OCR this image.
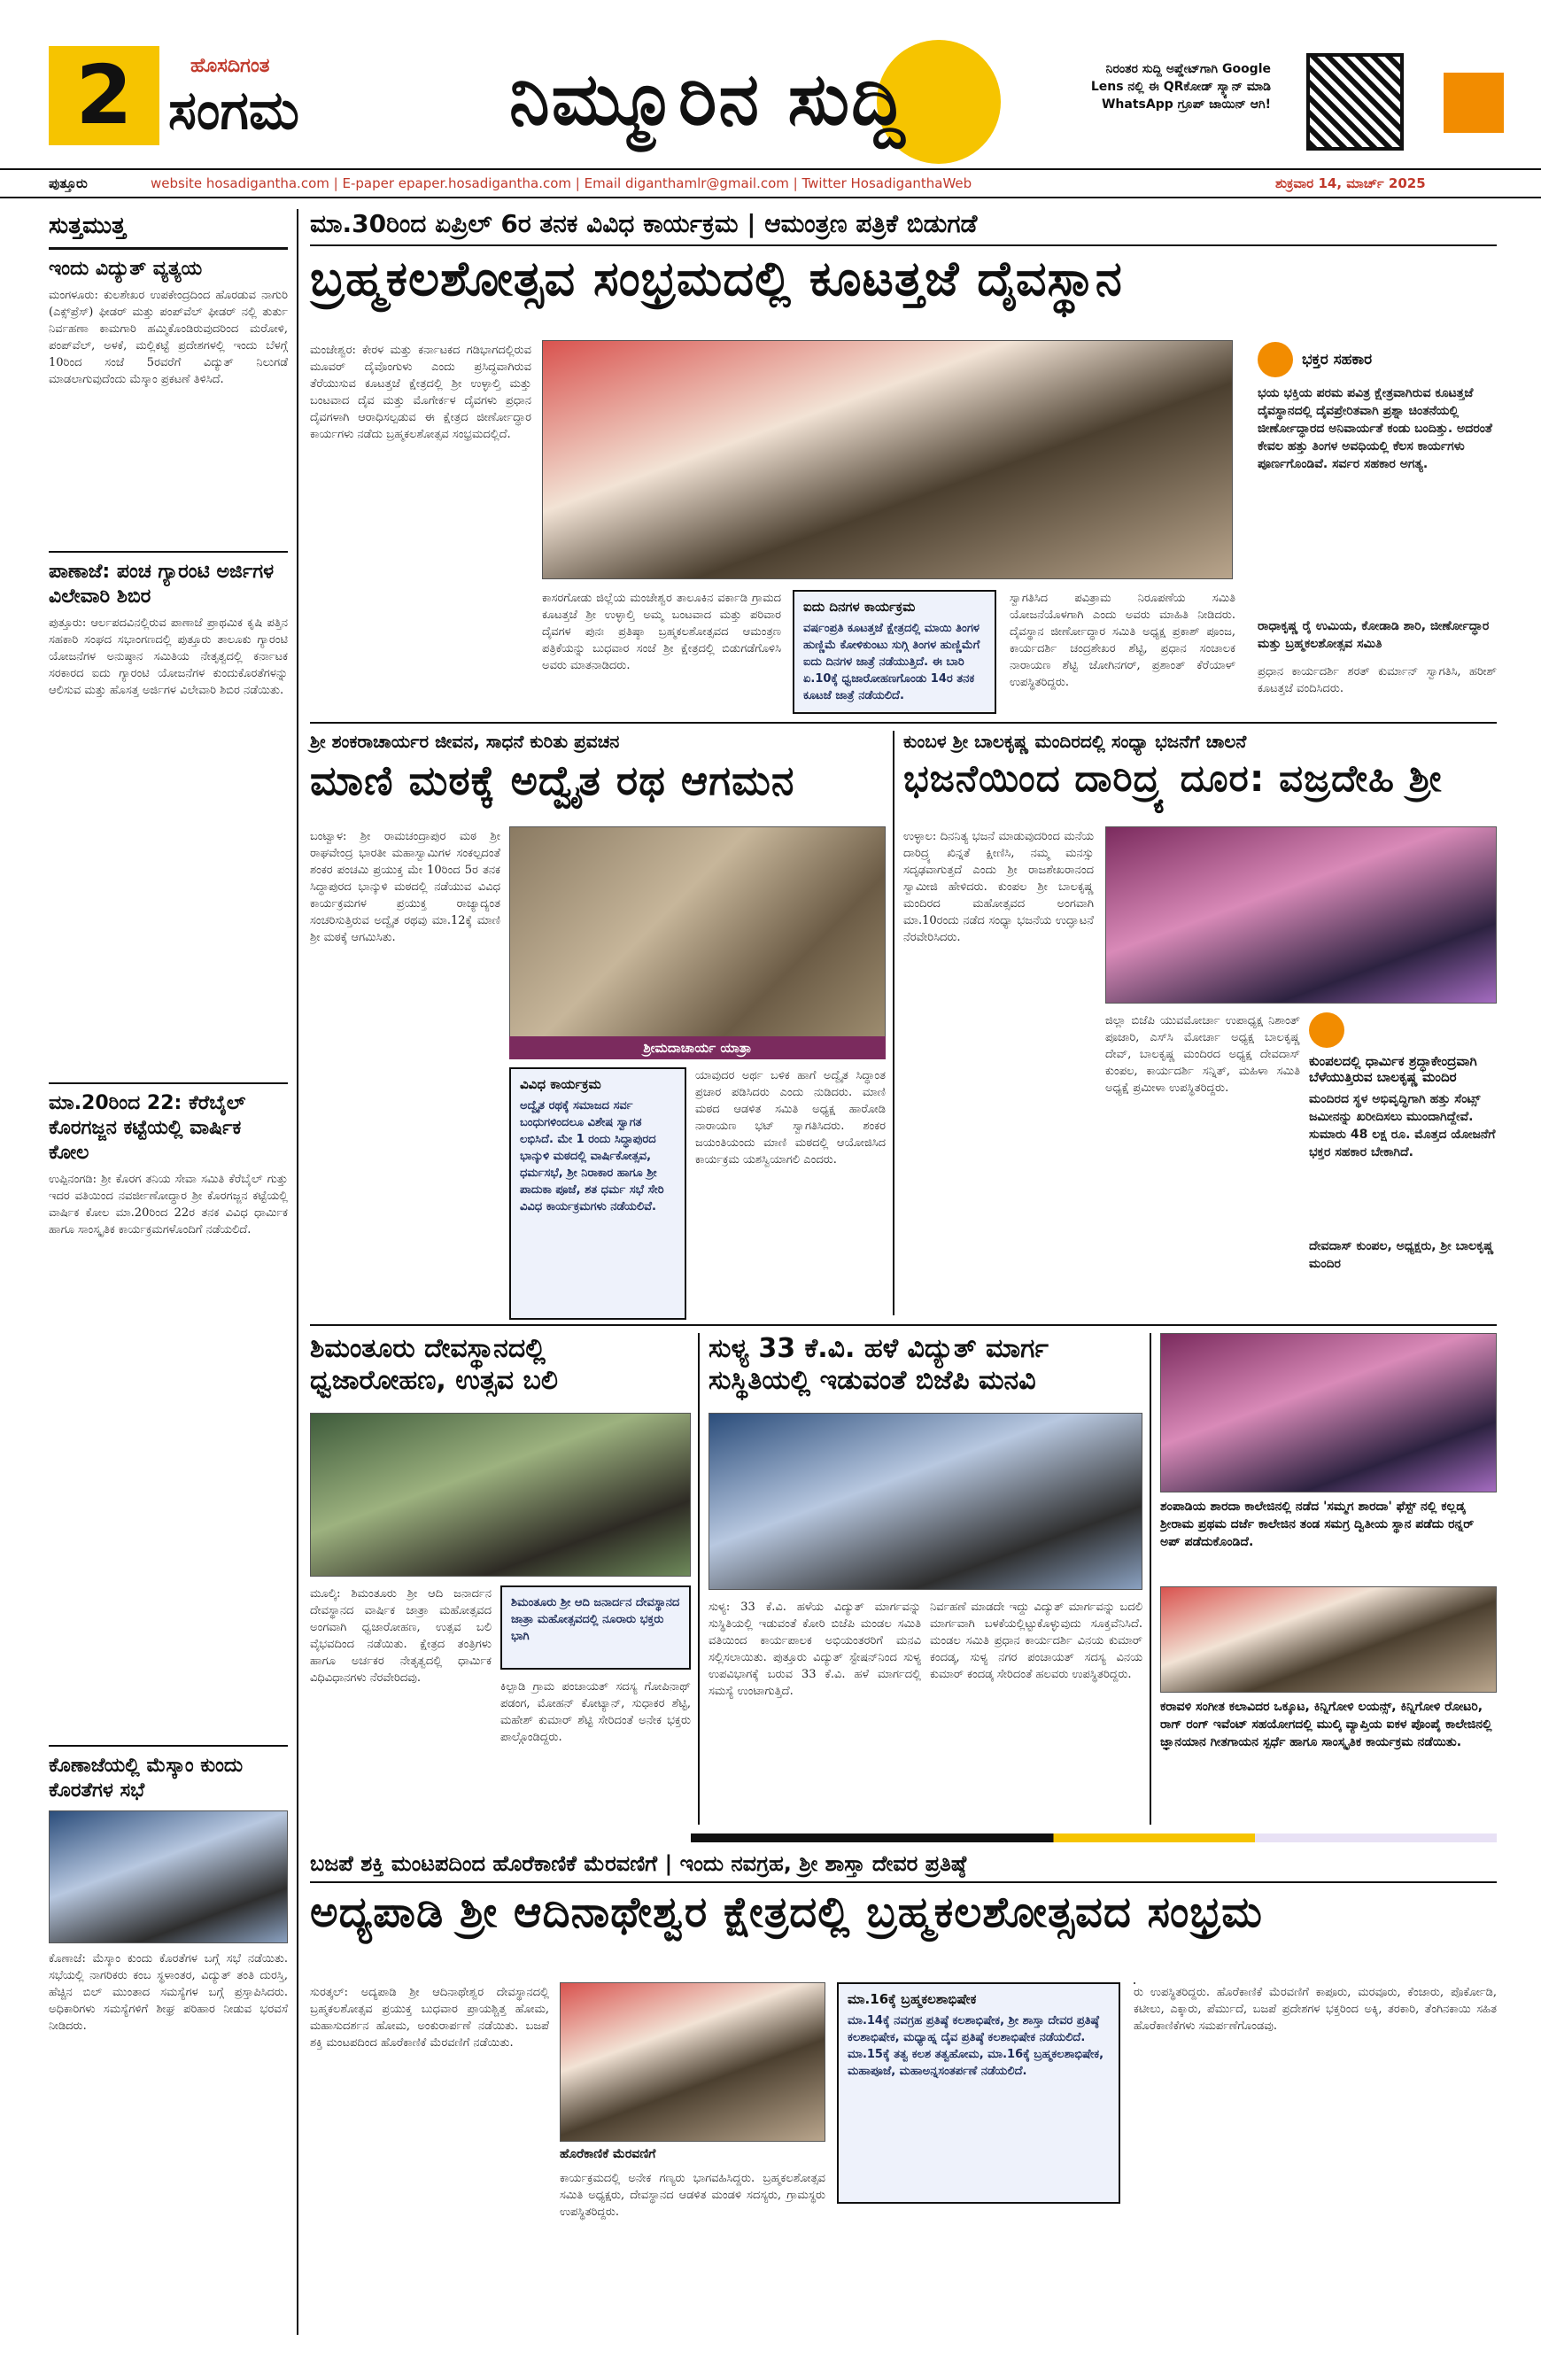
2	ಹೊಸದಿಗಂತ
ಸಂಗಮ	ನಿಮ್ಮೂರಿನ ಸುದ್ದಿ	ನಿರಂತರ ಸುದ್ದಿ ಅಪ್ಡೇಟ್‌ಗಾಗಿ Google Lens ನಲ್ಲಿ ಈ QRಕೋಡ್ ಸ್ಕ್ಯಾನ್ ಮಾಡಿ WhatsApp ಗ್ರೂಪ್ ಜಾಯಿನ್ ಆಗಿ!
ಪುತ್ತೂರು	website hosadigantha.com | E-paper epaper.hosadigantha.com | Email diganthamlr@gmail.com | Twitter HosadiganthaWeb	ಶುಕ್ರವಾರ 14, ಮಾರ್ಚ್ 2025
ಸುತ್ತಮುತ್ತ
ಇಂದು ವಿದ್ಯುತ್ ವ್ಯತ್ಯಯ
ಮಂಗಳೂರು: ಕುಲಶೇಖರ ಉಪಕೇಂದ್ರದಿಂದ ಹೊರಡುವ ನಾಗುರಿ (ಎಕ್ಸ್‌ಪ್ರೆಸ್) ಫೀಡರ್ ಮತ್ತು ಪಂಪ್‌ವೆಲ್ ಫೀಡರ್ ನಲ್ಲಿ ತುರ್ತು ನಿರ್ವಹಣಾ ಕಾಮಗಾರಿ ಹಮ್ಮಿಕೊಂಡಿರುವುದರಿಂದ ಮರೋಳಿ, ಪಂಪ್‌ವೆಲ್, ಅಳಕೆ, ಮಲ್ಲಿಕಟ್ಟೆ ಪ್ರದೇಶಗಳಲ್ಲಿ ಇಂದು ಬೆಳಗ್ಗೆ 10ರಿಂದ ಸಂಜೆ 5ರವರೆಗೆ ವಿದ್ಯುತ್ ನಿಲುಗಡೆ ಮಾಡಲಾಗುವುದೆಂದು ಮೆಸ್ಕಾಂ ಪ್ರಕಟಣೆ ತಿಳಿಸಿದೆ.
ಪಾಣಾಜೆ: ಪಂಚ ಗ್ಯಾರಂಟಿ ಅರ್ಜಿಗಳ ವಿಲೇವಾರಿ ಶಿಬಿರ
ಪುತ್ತೂರು: ಆರ್ಲಪದವಿನಲ್ಲಿರುವ ಪಾಣಾಜೆ ಪ್ರಾಥಮಿಕ ಕೃಷಿ ಪತ್ತಿನ ಸಹಕಾರಿ ಸಂಘದ ಸಭಾಂಗಣದಲ್ಲಿ ಪುತ್ತೂರು ತಾಲೂಕು ಗ್ಯಾರಂಟಿ ಯೋಜನೆಗಳ ಅನುಷ್ಠಾನ ಸಮಿತಿಯ ನೇತೃತ್ವದಲ್ಲಿ ಕರ್ನಾಟಕ ಸರಕಾರದ ಐದು ಗ್ಯಾರಂಟಿ ಯೋಜನೆಗಳ ಕುಂದುಕೊರತೆಗಳನ್ನು ಆಲಿಸುವ ಮತ್ತು ಹೊಸತ್ತ ಅರ್ಜಿಗಳ ವಿಲೇವಾರಿ ಶಿಬಿರ ನಡೆಯಿತು.
ಮಾ.20ರಿಂದ 22: ಕೆರೆಬೈಲ್ ಕೊರಗಜ್ಜನ ಕಟ್ಟೆಯಲ್ಲಿ ವಾರ್ಷಿಕ ಕೋಲ
ಉಪ್ಪಿನಂಗಡಿ: ಶ್ರೀ ಕೊರಗ ತನಿಯ ಸೇವಾ ಸಮಿತಿ ಕೆರೆಬೈಲ್ ಗುತ್ತು ಇದರ ವತಿಯಿಂದ ನವರ್ಜೀಣೋದ್ಧಾರ ಶ್ರೀ ಕೊರಗಜ್ಜನ ಕಟ್ಟೆಯಲ್ಲಿ ವಾರ್ಷಿಕ ಕೋಲ ಮಾ.20ರಿಂದ 22ರ ತನಕ ವಿವಿಧ ಧಾರ್ಮಿಕ ಹಾಗೂ ಸಾಂಸ್ಕೃತಿಕ ಕಾರ್ಯಕ್ರಮಗಳೊಂದಿಗೆ ನಡೆಯಲಿದೆ.
ಕೊಣಾಜೆಯಲ್ಲಿ ಮೆಸ್ಕಾಂ ಕುಂದು ಕೊರತೆಗಳ ಸಭೆ
ಕೊಣಾಜೆ: ಮೆಸ್ಕಾಂ ಕುಂದು ಕೊರತೆಗಳ ಬಗ್ಗೆ ಸಭೆ ನಡೆಯಿತು. ಸಭೆಯಲ್ಲಿ ನಾಗರಿಕರು ಕಂಬ ಸ್ಥಳಾಂತರ, ವಿದ್ಯುತ್ ತಂತಿ ದುರಸ್ತಿ, ಹೆಚ್ಚಿನ ಬಿಲ್ ಮುಂತಾದ ಸಮಸ್ಯೆಗಳ ಬಗ್ಗೆ ಪ್ರಸ್ತಾಪಿಸಿದರು. ಅಧಿಕಾರಿಗಳು ಸಮಸ್ಯೆಗಳಿಗೆ ಶೀಘ್ರ ಪರಿಹಾರ ನೀಡುವ ಭರವಸೆ ನೀಡಿದರು.
ಮಾ.30ರಿಂದ ಏಪ್ರಿಲ್ 6ರ ತನಕ ವಿವಿಧ ಕಾರ್ಯಕ್ರಮ | ಆಮಂತ್ರಣ ಪತ್ರಿಕೆ ಬಿಡುಗಡೆ
ಬ್ರಹ್ಮಕಲಶೋತ್ಸವ ಸಂಭ್ರಮದಲ್ಲಿ ಕೂಟತ್ತಜೆ ದೈವಸ್ಥಾನ
ಮಂಜೇಶ್ವರ: ಕೇರಳ ಮತ್ತು ಕರ್ನಾಟಕದ ಗಡಿಭಾಗದಲ್ಲಿರುವ ಮೂವರ್ ದೈವೊಂಗುಳು ಎಂದು ಪ್ರಸಿದ್ಧವಾಗಿರುವ ತೆರೆಯುಸುವ ಕೂಟತ್ತಜೆ ಕ್ಷೇತ್ರದಲ್ಲಿ ಶ್ರೀ ಉಳ್ಳಾಲ್ತಿ ಮತ್ತು ಬಂಟವಾದ ದೈವ ಮತ್ತು ಮೊಗೇರ್ಕಳ ದೈವಗಳು ಪ್ರಧಾನ ದೈವಗಳಾಗಿ ಆರಾಧಿಸಲ್ಪಡುವ ಈ ಕ್ಷೇತ್ರದ ಜೀರ್ಣೋದ್ಧಾರ ಕಾರ್ಯಗಳು ನಡೆದು ಬ್ರಹ್ಮಕಲಶೋತ್ಸವ ಸಂಭ್ರಮದಲ್ಲಿದೆ.
ಭಕ್ತರ ಸಹಕಾರ
ಭಯ ಭಕ್ತಿಯ ಪರಮ ಪವಿತ್ರ ಕ್ಷೇತ್ರವಾಗಿರುವ ಕೂಟತ್ತಜೆ ದೈವಸ್ಥಾನದಲ್ಲಿ ದೈವಪ್ರೇರಿತವಾಗಿ ಪ್ರಶ್ನಾ ಚಿಂತನೆಯಲ್ಲಿ ಜೀರ್ಣೋದ್ಧಾರದ ಅನಿವಾರ್ಯತೆ ಕಂಡು ಬಂದಿತ್ತು. ಅದರಂತೆ ಕೇವಲ ಹತ್ತು ತಿಂಗಳ ಅವಧಿಯಲ್ಲಿ ಕೆಲಸ ಕಾರ್ಯಗಳು ಪೂರ್ಣಗೊಂಡಿವೆ. ಸರ್ವರ ಸಹಕಾರ ಅಗತ್ಯ.
ರಾಧಾಕೃಷ್ಣ ರೈ ಉಮಿಯ, ಕೋಡಾಡಿ ಶಾರಿ, ಜೀರ್ಣೋದ್ಧಾರ ಮತ್ತು ಬ್ರಹ್ಮಕಲಶೋತ್ಸವ ಸಮಿತಿ
ಪ್ರಧಾನ ಕಾರ್ಯದರ್ಶಿ ಶರತ್ ಕುರ್ಮಾನ್ ಸ್ವಾಗತಿಸಿ, ಹರೀಶ್ ಕೂಟತ್ತಜೆ ವಂದಿಸಿದರು.
ಕಾಸರಗೋಡು ಜಿಲ್ಲೆಯ ಮಂಜೇಶ್ವರ ತಾಲೂಕಿನ ವರ್ಕಾಡಿ ಗ್ರಾಮದ ಕೂಟತ್ತಜೆ ಶ್ರೀ ಉಳ್ಳಾಲ್ತಿ ಅಮ್ಮ ಬಂಟವಾದ ಮತ್ತು ಪರಿವಾರ ದೈವಗಳ ಪುನಃ ಪ್ರತಿಷ್ಠಾ ಬ್ರಹ್ಮಕಲಶೋತ್ಸವದ ಆಮಂತ್ರಣ ಪತ್ರಿಕೆಯನ್ನು ಬುಧವಾರ ಸಂಜೆ ಶ್ರೀ ಕ್ಷೇತ್ರದಲ್ಲಿ ಬಿಡುಗಡೆಗೊಳಿಸಿ ಅವರು ಮಾತನಾಡಿದರು.
ಐದು ದಿನಗಳ ಕಾರ್ಯಕ್ರಮ

ವರ್ಷಂಪ್ರತಿ ಕೂಟತ್ತಜೆ ಕ್ಷೇತ್ರದಲ್ಲಿ ಮಾಯಿ ತಿಂಗಳ ಹುಣ್ಣಿಮೆ ಕೋಳಿಕುಂಟು ಸುಗ್ಗಿ ತಿಂಗಳ ಹುಣ್ಣಿಮೆಗೆ ಐದು ದಿನಗಳ ಜಾತ್ರೆ ನಡೆಯುತ್ತಿದೆ. ಈ ಬಾರಿ ಏ.10ಕ್ಕೆ ಧ್ವಜಾರೋಹಣಗೊಂಡು 14ರ ತನಕ ಕೂಟಜೆ ಜಾತ್ರೆ ನಡೆಯಲಿದೆ.

ಸ್ವಾಗತಿಸಿದ ಪವಿತ್ರಾಮ ನಿರೂಪಣೆಯ ಸಮಿತಿ ಯೋಜನೆಯೊಳಗಾಗಿ ಎಂದು ಅವರು ಮಾಹಿತಿ ನೀಡಿದರು. ದೈವಸ್ಥಾನ ಜೀರ್ಣೋದ್ಧಾರ ಸಮಿತಿ ಅಧ್ಯಕ್ಷ ಪ್ರಕಾಶ್ ಪೂಂಜ, ಕಾರ್ಯದರ್ಶಿ ಚಂದ್ರಶೇಖರ ಶೆಟ್ಟಿ, ಪ್ರಧಾನ ಸಂಚಾಲಕ ನಾರಾಯಣ ಶೆಟ್ಟಿ ಜೋಗಿನಗರ್, ಪ್ರಶಾಂತ್ ಕೆರೆಯಾಳ್ ಉಪಸ್ಥಿತರಿದ್ದರು.
ಶ್ರೀ ಶಂಕರಾಚಾರ್ಯರ ಜೀವನ, ಸಾಧನೆ ಕುರಿತು ಪ್ರವಚನ
ಮಾಣಿ ಮಠಕ್ಕೆ ಅದ್ವೈತ ರಥ ಆಗಮನ
ಬಂಟ್ವಾಳ: ಶ್ರೀ ರಾಮಚಂದ್ರಾಪುರ ಮಠ ಶ್ರೀ ರಾಘವೇಂದ್ರ ಭಾರತೀ ಮಹಾಸ್ವಾಮಿಗಳ ಸಂಕಲ್ಪದಂತೆ ಶಂಕರ ಪಂಚಮಿ ಪ್ರಯುಕ್ತ ಮೇ 10ರಿಂದ 5ರ ತನಕ ಸಿದ್ಧಾಪುರದ ಭಾನ್ಕುಳಿ ಮಠದಲ್ಲಿ ನಡೆಯುವ ವಿವಿಧ ಕಾರ್ಯಕ್ರಮಗಳ ಪ್ರಯುಕ್ತ ರಾಜ್ಯಾದ್ಯಂತ ಸಂಚರಿಸುತ್ತಿರುವ ಅದ್ವೈತ ರಥವು ಮಾ.12ಕ್ಕೆ ಮಾಣಿ ಶ್ರೀ ಮಠಕ್ಕೆ ಆಗಮಿಸಿತು.
ಶ್ರೀಮದಾಚಾರ್ಯ ಯಾತ್ರಾ
ವಿವಿಧ ಕಾರ್ಯಕ್ರಮ

ಅದ್ವೈತ ರಥಕ್ಕೆ ಸಮಾಜದ ಸರ್ವ ಬಂಧುಗಳಿಂದಲೂ ವಿಶೇಷ ಸ್ವಾಗತ ಲಭಿಸಿದೆ. ಮೇ 1 ರಂದು ಸಿದ್ಧಾಪುರದ ಭಾನ್ಕುಳಿ ಮಠದಲ್ಲಿ ವಾರ್ಷಿಕೋತ್ಸವ, ಧರ್ಮಸಭೆ, ಶ್ರೀ ನಿರಾಕಾರ ಹಾಗೂ ಶ್ರೀ ಪಾದುಕಾ ಪೂಜೆ, ಶತ ಧರ್ಮ ಸಭೆ ಸೇರಿ ವಿವಿಧ ಕಾರ್ಯಕ್ರಮಗಳು ನಡೆಯಲಿವೆ.

ಯಾವುದರ ಅರ್ಥ ಬಳಿಕ ಹಾಗೆ ಅದ್ವೈತ ಸಿದ್ಧಾಂತ ಪ್ರಚಾರ ಪಡಿಸಿದರು ಎಂದು ನುಡಿದರು. ಮಾಣಿ ಮಠದ ಆಡಳಿತ ಸಮಿತಿ ಅಧ್ಯಕ್ಷ ಹಾರೋಡಿ ನಾರಾಯಣ ಭಟ್ ಸ್ವಾಗತಿಸಿದರು. ಶಂಕರ ಜಯಂತಿಯಂದು ಮಾಣಿ ಮಠದಲ್ಲಿ ಆಯೋಜಿಸಿದ ಕಾರ್ಯಕ್ರಮ ಯಶಸ್ವಿಯಾಗಲಿ ಎಂದರು.
ಕುಂಬಳ ಶ್ರೀ ಬಾಲಕೃಷ್ಣ ಮಂದಿರದಲ್ಲಿ ಸಂಧ್ಯಾ ಭಜನೆಗೆ ಚಾಲನೆ
ಭಜನೆಯಿಂದ ದಾರಿದ್ರ್ಯ ದೂರ: ವಜ್ರದೇಹಿ ಶ್ರೀ
ಉಳ್ಳಾಲ: ದಿನನಿತ್ಯ ಭಜನೆ ಮಾಡುವುದರಿಂದ ಮನೆಯ ದಾರಿದ್ರ್ಯ ಖಿನ್ನತೆ ಕ್ಷೀಣಿಸಿ, ನಮ್ಮ ಮನಸ್ಸು ಸದೃಢವಾಗುತ್ತದೆ ಎಂದು ಶ್ರೀ ರಾಜಶೇಖರಾನಂದ ಸ್ವಾಮೀಜಿ ಹೇಳಿದರು. ಕುಂಪಲ ಶ್ರೀ ಬಾಲಕೃಷ್ಣ ಮಂದಿರದ ಮಹೋತ್ಸವದ ಅಂಗವಾಗಿ ಮಾ.10ರಂದು ನಡೆದ ಸಂಧ್ಯಾ ಭಜನೆಯ ಉದ್ಘಾಟನೆ ನೆರವೇರಿಸಿದರು.
ಜಿಲ್ಲಾ ಬಿಜೆಪಿ ಯುವಮೋರ್ಚಾ ಉಪಾಧ್ಯಕ್ಷ ನಿಶಾಂತ್ ಪೂಜಾರಿ, ಎಸ್‌ಸಿ ಮೋರ್ಚಾ ಅಧ್ಯಕ್ಷ ಬಾಲಕೃಷ್ಣ ದೇವ್, ಬಾಲಕೃಷ್ಣ ಮಂದಿರದ ಅಧ್ಯಕ್ಷ ದೇವದಾಸ್ ಕುಂಪಲ, ಕಾರ್ಯದರ್ಶಿ ಸನ್ನಿತ್, ಮಹಿಳಾ ಸಮಿತಿ ಅಧ್ಯಕ್ಷೆ ಪ್ರಮೀಳಾ ಉಪಸ್ಥಿತರಿದ್ದರು.
ಕುಂಪಲದಲ್ಲಿ ಧಾರ್ಮಿಕ ಶ್ರದ್ಧಾಕೇಂದ್ರವಾಗಿ ಬೆಳೆಯುತ್ತಿರುವ ಬಾಲಕೃಷ್ಣ ಮಂದಿರ
ಮಂದಿರದ ಸ್ಥಳ ಅಭಿವೃದ್ಧಿಗಾಗಿ ಹತ್ತು ಸೆಂಟ್ಸ್ ಜಮೀನನ್ನು ಖರೀದಿಸಲು ಮುಂದಾಗಿದ್ದೇವೆ. ಸುಮಾರು 48 ಲಕ್ಷ ರೂ. ಮೊತ್ತದ ಯೋಜನೆಗೆ ಭಕ್ತರ ಸಹಕಾರ ಬೇಕಾಗಿದೆ.
ದೇವದಾಸ್ ಕುಂಪಲ, ಅಧ್ಯಕ್ಷರು, ಶ್ರೀ ಬಾಲಕೃಷ್ಣ ಮಂದಿರ
ಶಿಮಂತೂರು ದೇವಸ್ಥಾನದಲ್ಲಿ ಧ್ವಜಾರೋಹಣ, ಉತ್ಸವ ಬಲಿ
ಮೂಲ್ಕಿ: ಶಿಮಂತೂರು ಶ್ರೀ ಆದಿ ಜನಾರ್ದನ ದೇವಸ್ಥಾನದ ವಾರ್ಷಿಕ ಜಾತ್ರಾ ಮಹೋತ್ಸವದ ಅಂಗವಾಗಿ ಧ್ವಜಾರೋಹಣ, ಉತ್ಸವ ಬಲಿ ವೈಭವದಿಂದ ನಡೆಯಿತು. ಕ್ಷೇತ್ರದ ತಂತ್ರಿಗಳು ಹಾಗೂ ಅರ್ಚಕರ ನೇತೃತ್ವದಲ್ಲಿ ಧಾರ್ಮಿಕ ವಿಧಿವಿಧಾನಗಳು ನೆರವೇರಿದವು.

ಶಿಮಂತೂರು ಶ್ರೀ ಆದಿ ಜನಾರ್ದನ ದೇವಸ್ಥಾನದ ಜಾತ್ರಾ ಮಹೋತ್ಸವದಲ್ಲಿ ನೂರಾರು ಭಕ್ತರು ಭಾಗಿ

ಕಿಲ್ಪಾಡಿ ಗ್ರಾಮ ಪಂಚಾಯತ್ ಸದಸ್ಯ ಗೋಪಿನಾಥ್ ಪಡಂಗ, ಮೋಹನ್ ಕೋಟ್ಯಾನ್, ಸುಧಾಕರ ಶೆಟ್ಟಿ, ಮಹೇಶ್ ಕುಮಾರ್ ಶೆಟ್ಟಿ ಸೇರಿದಂತೆ ಅನೇಕ ಭಕ್ತರು ಪಾಲ್ಗೊಂಡಿದ್ದರು.
ಸುಳ್ಯ 33 ಕೆ.ವಿ. ಹಳೆ ವಿದ್ಯುತ್ ಮಾರ್ಗ ಸುಸ್ಥಿತಿಯಲ್ಲಿ ಇಡುವಂತೆ ಬಿಜೆಪಿ ಮನವಿ
ಸುಳ್ಯ: 33 ಕೆ.ವಿ. ಹಳೆಯ ವಿದ್ಯುತ್ ಮಾರ್ಗವನ್ನು ಸುಸ್ಥಿತಿಯಲ್ಲಿ ಇಡುವಂತೆ ಕೋರಿ ಬಿಜೆಪಿ ಮಂಡಲ ಸಮಿತಿ ವತಿಯಿಂದ ಕಾರ್ಯಪಾಲಕ ಅಭಿಯಂತರರಿಗೆ ಮನವಿ ಸಲ್ಲಿಸಲಾಯಿತು. ಪುತ್ತೂರು ವಿದ್ಯುತ್ ಸ್ಟೇಷನ್‌ನಿಂದ ಸುಳ್ಯ ಉಪವಿಭಾಗಕ್ಕೆ ಬರುವ 33 ಕೆ.ವಿ. ಹಳೆ ಮಾರ್ಗದಲ್ಲಿ ಸಮಸ್ಯೆ ಉಂಟಾಗುತ್ತಿದೆ.
ನಿರ್ವಹಣೆ ಮಾಡದೇ ಇದ್ದು ವಿದ್ಯುತ್ ಮಾರ್ಗವನ್ನು ಬದಲಿ ಮಾರ್ಗವಾಗಿ ಬಳಕೆಯಲ್ಲಿಟ್ಟುಕೊಳ್ಳುವುದು ಸೂಕ್ತವೆನಿಸಿದೆ. ಮಂಡಲ ಸಮಿತಿ ಪ್ರಧಾನ ಕಾರ್ಯದರ್ಶಿ ವಿನಯ ಕುಮಾರ್ ಕಂದಡ್ಕ, ಸುಳ್ಯ ನಗರ ಪಂಚಾಯತ್ ಸದಸ್ಯ ವಿನಯ ಕುಮಾರ್ ಕಂದಡ್ಕ ಸೇರಿದಂತೆ ಹಲವರು ಉಪಸ್ಥಿತರಿದ್ದರು.
ಶಂಪಾಡಿಯ ಶಾರದಾ ಕಾಲೇಜಿನಲ್ಲಿ ನಡೆದ 'ಸಮ್ಮಗ ಶಾರದಾ' ಫೆಸ್ಟ್ ನಲ್ಲಿ ಕಲ್ಲಡ್ಕ ಶ್ರೀರಾಮ ಪ್ರಥಮ ದರ್ಜೆ ಕಾಲೇಜಿನ ತಂಡ ಸಮಗ್ರ ದ್ವಿತೀಯ ಸ್ಥಾನ ಪಡೆದು ರನ್ನರ್ ಅಪ್ ಪಡೆದುಕೊಂಡಿದೆ.
ಕರಾವಳಿ ಸಂಗೀತ ಕಲಾವಿದರ ಒಕ್ಕೂಟ, ಕಿನ್ನಿಗೋಳಿ ಲಯನ್ಸ್, ಕಿನ್ನಿಗೋಳಿ ರೋಟರಿ, ರಾಗ್ ರಂಗ್ ಇವೆಂಟ್ ಸಹಯೋಗದಲ್ಲಿ ಮುಲ್ಕಿ ವ್ಯಾಪ್ತಿಯ ಐಕಳ ಪೊಂಪೈ ಕಾಲೇಜಿನಲ್ಲಿ ಜ್ಞಾನಯಾನ ಗೀತಗಾಯನ ಸ್ಪರ್ಧೆ ಹಾಗೂ ಸಾಂಸ್ಕೃತಿಕ ಕಾರ್ಯಕ್ರಮ ನಡೆಯಿತು.
ಬಜಪೆ ಶಕ್ತಿ ಮಂಟಪದಿಂದ ಹೊರೆಕಾಣಿಕೆ ಮೆರವಣಿಗೆ | ಇಂದು ನವಗ್ರಹ, ಶ್ರೀ ಶಾಸ್ತಾ ದೇವರ ಪ್ರತಿಷ್ಠೆ
ಅದ್ಯಪಾಡಿ ಶ್ರೀ ಆದಿನಾಥೇಶ್ವರ ಕ್ಷೇತ್ರದಲ್ಲಿ ಬ್ರಹ್ಮಕಲಶೋತ್ಸವದ ಸಂಭ್ರಮ
ಸುರತ್ಕಲ್: ಅದ್ಯಪಾಡಿ ಶ್ರೀ ಆದಿನಾಥೇಶ್ವರ ದೇವಸ್ಥಾನದಲ್ಲಿ ಬ್ರಹ್ಮಕಲಶೋತ್ಸವ ಪ್ರಯುಕ್ತ ಬುಧವಾರ ಪ್ರಾಯಶ್ಚಿತ್ತ ಹೋಮ, ಮಹಾಸುದರ್ಶನ ಹೋಮ, ಅಂಕುರಾರ್ಪಣೆ ನಡೆಯಿತು. ಬಜಪೆ ಶಕ್ತಿ ಮಂಟಪದಿಂದ ಹೊರೆಕಾಣಿಕೆ ಮೆರವಣಿಗೆ ನಡೆಯಿತು.
ಹೊರೆಕಾಣಿಕೆ ಮೆರವಣಿಗೆ
ಕಾರ್ಯಕ್ರಮದಲ್ಲಿ ಅನೇಕ ಗಣ್ಯರು ಭಾಗವಹಿಸಿದ್ದರು. ಬ್ರಹ್ಮಕಲಶೋತ್ಸವ ಸಮಿತಿ ಅಧ್ಯಕ್ಷರು, ದೇವಸ್ಥಾನದ ಆಡಳಿತ ಮಂಡಳಿ ಸದಸ್ಯರು, ಗ್ರಾಮಸ್ಥರು ಉಪಸ್ಥಿತರಿದ್ದರು.
ಮಾ.16ಕ್ಕೆ ಬ್ರಹ್ಮಕಲಶಾಭಿಷೇಕ

ಮಾ.14ಕ್ಕೆ ನವಗ್ರಹ ಪ್ರತಿಷ್ಠೆ ಕಲಶಾಭಿಷೇಕ, ಶ್ರೀ ಶಾಸ್ತಾ ದೇವರ ಪ್ರತಿಷ್ಠೆ ಕಲಶಾಭಿಷೇಕ, ಮಧ್ಯಾಹ್ನ ದೈವ ಪ್ರತಿಷ್ಠೆ ಕಲಶಾಭಿಷೇಕ ನಡೆಯಲಿದೆ. ಮಾ.15ಕ್ಕೆ ತತ್ವ ಕಲಶ ತತ್ವಹೋಮ, ಮಾ.16ಕ್ಕೆ ಬ್ರಹ್ಮಕಲಶಾಭಿಷೇಕ, ಮಹಾಪೂಜೆ, ಮಹಾಅನ್ನಸಂತರ್ಪಣೆ ನಡೆಯಲಿದೆ.

ರು ಉಪಸ್ಥಿತರಿದ್ದರು. ಹೊರೆಕಾಣಿಕೆ ಮೆರವಣಿಗೆ ಕಾಪೂರು, ಮರವೂರು, ಕೆಂಜಾರು, ಪೊರ್ಕೋಡಿ, ಕಟೀಲು, ಎಕ್ಕಾರು, ಪೆರ್ಮುದೆ, ಬಜಪೆ ಪ್ರದೇಶಗಳ ಭಕ್ತರಿಂದ ಅಕ್ಕಿ, ತರಕಾರಿ, ತೆಂಗಿನಕಾಯಿ ಸಹಿತ ಹೊರೆಕಾಣಿಕೆಗಳು ಸಮರ್ಪಣೆಗೊಂಡವು.
